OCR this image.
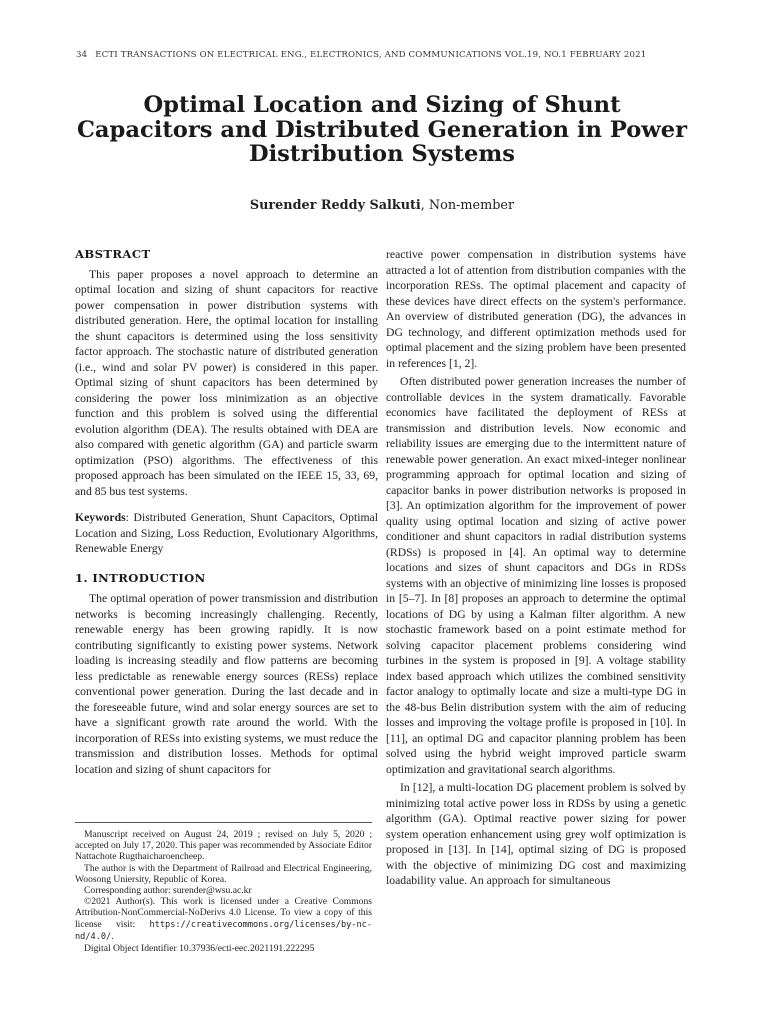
34 ECTI TRANSACTIONS ON ELECTRICAL ENG., ELECTRONICS, AND COMMUNICATIONS VOL.19, NO.1 FEBRUARY 2021
Optimal Location and Sizing of Shunt Capacitors and Distributed Generation in Power Distribution Systems
Surender Reddy Salkuti, Non-member
ABSTRACT

This paper proposes a novel approach to determine an optimal location and sizing of shunt capacitors for reactive power compensation in power distribution systems with distributed generation. Here, the optimal location for installing the shunt capacitors is determined using the loss sensitivity factor approach. The stochastic nature of distributed generation (i.e., wind and solar PV power) is considered in this paper. Optimal sizing of shunt capacitors has been determined by considering the power loss minimization as an objective function and this problem is solved using the differential evolution algorithm (DEA). The results obtained with DEA are also compared with genetic algorithm (GA) and particle swarm optimization (PSO) algorithms. The effectiveness of this proposed approach has been simulated on the IEEE 15, 33, 69, and 85 bus test systems.

Keywords: Distributed Generation, Shunt Capacitors, Optimal Location and Sizing, Loss Reduction, Evolutionary Algorithms, Renewable Energy

1. INTRODUCTION

The optimal operation of power transmission and distribution networks is becoming increasingly challenging. Recently, renewable energy has been growing rapidly. It is now contributing significantly to existing power systems. Network loading is increasing steadily and flow patterns are becoming less predictable as renewable energy sources (RESs) replace conventional power generation. During the last decade and in the foreseeable future, wind and solar energy sources are set to have a significant growth rate around the world. With the incorporation of RESs into existing systems, we must reduce the transmission and distribution losses. Methods for optimal location and sizing of shunt capacitors for

reactive power compensation in distribution systems have attracted a lot of attention from distribution companies with the incorporation RESs. The optimal placement and capacity of these devices have direct effects on the system's performance. An overview of distributed generation (DG), the advances in DG technology, and different optimization methods used for optimal placement and the sizing problem have been presented in references [1, 2].

Often distributed power generation increases the number of controllable devices in the system dramatically. Favorable economics have facilitated the deployment of RESs at transmission and distribution levels. Now economic and reliability issues are emerging due to the intermittent nature of renewable power generation. An exact mixed-integer nonlinear programming approach for optimal location and sizing of capacitor banks in power distribution networks is proposed in [3]. An optimization algorithm for the improvement of power quality using optimal location and sizing of active power conditioner and shunt capacitors in radial distribution systems (RDSs) is proposed in [4]. An optimal way to determine locations and sizes of shunt capacitors and DGs in RDSs systems with an objective of minimizing line losses is proposed in [5–7]. In [8] proposes an approach to determine the optimal locations of DG by using a Kalman filter algorithm. A new stochastic framework based on a point estimate method for solving capacitor placement problems considering wind turbines in the system is proposed in [9]. A voltage stability index based approach which utilizes the combined sensitivity factor analogy to optimally locate and size a multi-type DG in the 48-bus Belin distribution system with the aim of reducing losses and improving the voltage profile is proposed in [10]. In [11], an optimal DG and capacitor planning problem has been solved using the hybrid weight improved particle swarm optimization and gravitational search algorithms.

In [12], a multi-location DG placement problem is solved by minimizing total active power loss in RDSs by using a genetic algorithm (GA). Optimal reactive power sizing for power system operation enhancement using grey wolf optimization is proposed in [13]. In [14], optimal sizing of DG is proposed with the objective of minimizing DG cost and maximizing loadability value. An approach for simultaneous

Manuscript received on August 24, 2019 ; revised on July 5, 2020 ; accepted on July 17, 2020. This paper was recommended by Associate Editor Nattachote Rugthaicharoencheep.

The author is with the Department of Railroad and Electrical Engineering, Woosong Uniersity, Republic of Korea.

Corresponding author: surender@wsu.ac.kr

©2021 Author(s). This work is licensed under a Creative Commons Attribution-NonCommercial-NoDerivs 4.0 License. To view a copy of this license visit: https://creativecommons.org/licenses/by-nc-nd/4.0/.

Digital Object Identifier 10.37936/ecti-eec.2021191.222295
